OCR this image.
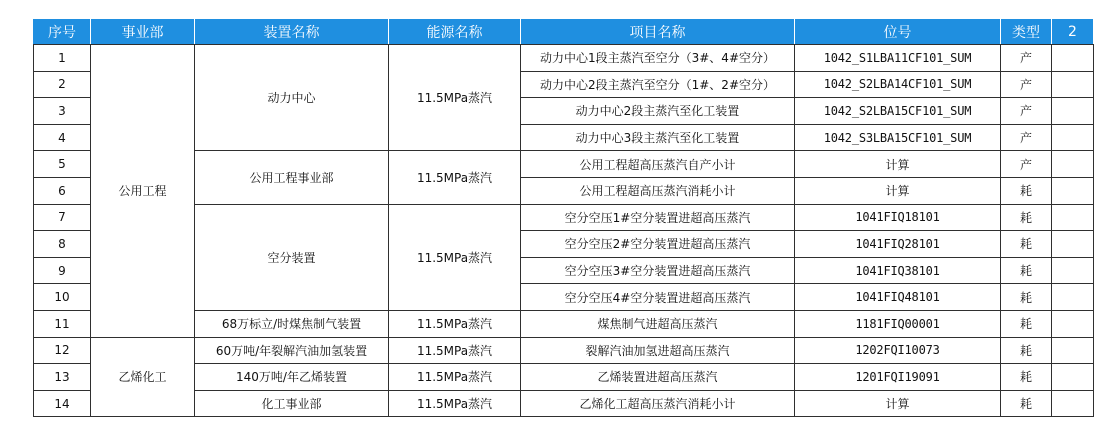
序号	事业部	装置名称	能源名称	项目名称	位号	类型	2
1	公用工程	动力中心	11.5MPa蒸汽	动力中心1段主蒸汽至空分（3#、4#空分）	1042_S1LBA11CF101_SUM	产	
2				动力中心2段主蒸汽至空分（1#、2#空分）	1042_S2LBA14CF101_SUM	产	
3				动力中心2段主蒸汽至化工装置	1042_S2LBA15CF101_SUM	产	
4				动力中心3段主蒸汽至化工装置	1042_S3LBA15CF101_SUM	产	
5		公用工程事业部	11.5MPa蒸汽	公用工程超高压蒸汽自产小计	计算	产	
6				公用工程超高压蒸汽消耗小计	计算	耗	
7		空分装置	11.5MPa蒸汽	空分空压1#空分装置进超高压蒸汽	1041FIQ18101	耗	
8				空分空压2#空分装置进超高压蒸汽	1041FIQ28101	耗	
9				空分空压3#空分装置进超高压蒸汽	1041FIQ38101	耗	
10				空分空压4#空分装置进超高压蒸汽	1041FIQ48101	耗	
11		68万标立/时煤焦制气装置	11.5MPa蒸汽	煤焦制气进超高压蒸汽	1181FIQ00001	耗	
12	乙烯化工	60万吨/年裂解汽油加氢装置	11.5MPa蒸汽	裂解汽油加氢进超高压蒸汽	1202FQI10073	耗	
13		140万吨/年乙烯装置	11.5MPa蒸汽	乙烯装置进超高压蒸汽	1201FQI19091	耗	
14		化工事业部	11.5MPa蒸汽	乙烯化工超高压蒸汽消耗小计	计算	耗	
